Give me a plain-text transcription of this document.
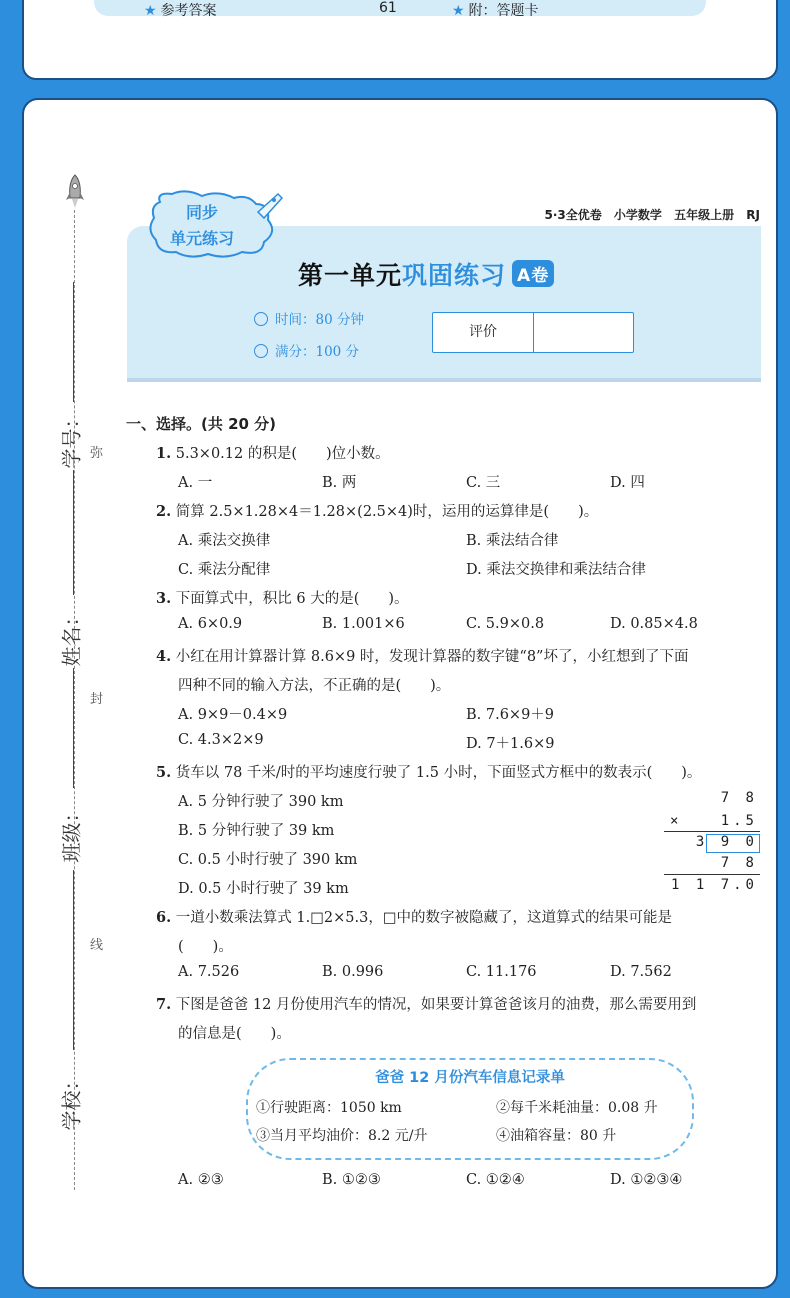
★ 参考答案	61	★ 附：答题卡
学号：
姓名：
班级：
学校：
弥
封
线
同步
单元练习
5·3全优卷 小学数学 五年级上册 RJ
第一单元巩固练习 A卷
时间：80 分钟
满分：100 分
评价
一、选择。(共 20 分)
1. 5.3×0.12 的积是(　　)位小数。
A. 一	B. 两	C. 三	D. 四
2. 简算 2.5×1.28×4＝1.28×(2.5×4)时，运用的运算律是(　　)。
A. 乘法交换律	B. 乘法结合律
C. 乘法分配律	D. 乘法交换律和乘法结合律
3. 下面算式中，积比 6 大的是(　　)。
A. 6×0.9	B. 1.001×6	C. 5.9×0.8	D. 0.85×4.8
4. 小红在用计算器计算 8.6×9 时，发现计算器的数字键“8”坏了，小红想到了下面
四种不同的输入方法，不正确的是(　　)。
A. 9×9－0.4×9	B. 7.6×9＋9
C. 4.3×2×9	D. 7＋1.6×9
5. 货车以 78 千米/时的平均速度行驶了 1.5 小时，下面竖式方框中的数表示(　　)。
A. 5 分钟行驶了 390 km
B. 5 分钟行驶了 39 km
C. 0.5 小时行驶了 390 km
D. 0.5 小时行驶了 39 km
7 8
×	1.5
3 9 0
7 8
1 1 7.0
6. 一道小数乘法算式 1.□2×5.3，□中的数字被隐藏了，这道算式的结果可能是
(　　)。
A. 7.526	B. 0.996	C. 11.176	D. 7.562
7. 下图是爸爸 12 月份使用汽车的情况，如果要计算爸爸该月的油费，那么需要用到
的信息是(　　)。
爸爸 12 月份汽车信息记录单
①行驶距离：1050 km	②每千米耗油量：0.08 升
③当月平均油价：8.2 元/升	④油箱容量：80 升
A. ②③	B. ①②③	C. ①②④	D. ①②③④
